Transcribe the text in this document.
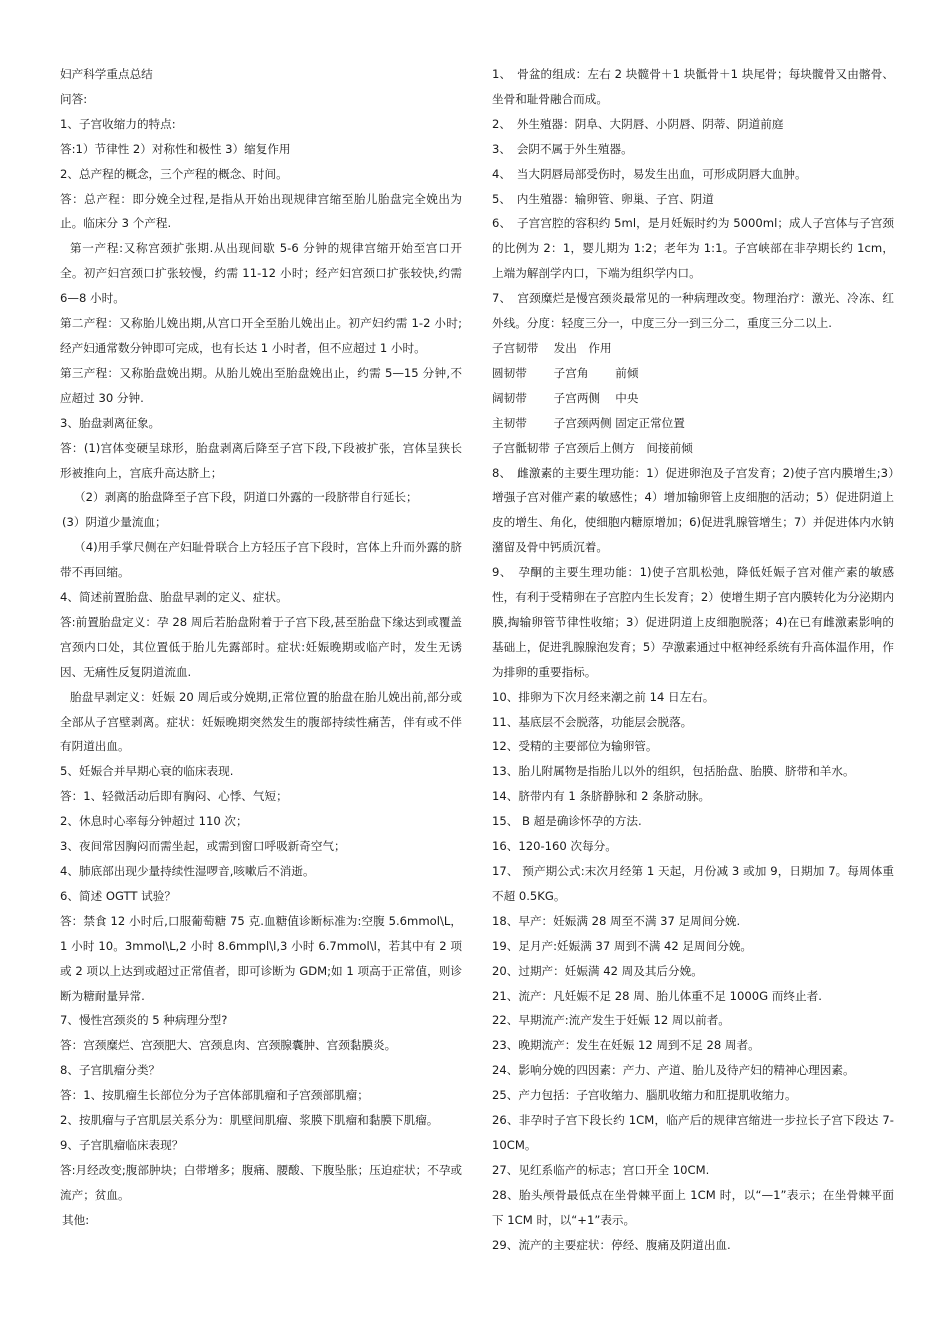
妇产科学重点总结

问答:

1、子宫收缩力的特点:

答:1）节律性 2）对称性和极性 3）缩复作用

2、总产程的概念，三个产程的概念、时间。

答：总产程：即分娩全过程,是指从开始出现规律宫缩至胎儿胎盘完全娩出为止。临床分 3 个产程.

第一产程:又称宫颈扩张期.从出现间歇 5-6 分钟的规律宫缩开始至宫口开全。初产妇宫颈口扩张较慢，约需 11-12 小时；经产妇宫颈口扩张较快,约需 6—8 小时。

第二产程：又称胎儿娩出期,从宫口开全至胎儿娩出止。初产妇约需 1-2 小时;经产妇通常数分钟即可完成，也有长达 1 小时者，但不应超过 1 小时。

第三产程：又称胎盘娩出期。从胎儿娩出至胎盘娩出止，约需 5—15 分钟,不应超过 30 分钟.

3、胎盘剥离征象。

答：(1)宫体变硬呈球形，胎盘剥离后降至子宫下段,下段被扩张，宫体呈狭长形被推向上，宫底升高达脐上；

（2）剥离的胎盘降至子宫下段，阴道口外露的一段脐带自行延长；

(3）阴道少量流血；

（4)用手掌尺侧在产妇耻骨联合上方轻压子宫下段时，宫体上升而外露的脐带不再回缩。

4、简述前置胎盘、胎盘早剥的定义、症状。

答:前置胎盘定义：孕 28 周后若胎盘附着于子宫下段,甚至胎盘下缘达到或覆盖宫颈内口处，其位置低于胎儿先露部时。症状:妊娠晚期或临产时，发生无诱因、无痛性反复阴道流血.

胎盘早剥定义：妊娠 20 周后或分娩期,正常位置的胎盘在胎儿娩出前,部分或全部从子宫壁剥离。症状：妊娠晚期突然发生的腹部持续性痛苦，伴有或不伴有阴道出血。

5、妊娠合并早期心衰的临床表现.

答：1、轻微活动后即有胸闷、心悸、气短；

2、休息时心率每分钟超过 110 次；

3、夜间常因胸闷而需坐起，或需到窗口呼吸新奇空气；

4、肺底部出现少量持续性湿啰音,咳嗽后不消逝。

6、简述 OGTT 试验？

答：禁食 12 小时后,口服葡萄糖 75 克.血糖值诊断标准为:空腹 5.6mmol\L，1 小时 10。3mmol\L,2 小时 8.6mmpl\l,3 小时 6.7mmol\l，若其中有 2 项或 2 项以上达到或超过正常值者，即可诊断为 GDM;如 1 项高于正常值，则诊断为糖耐量异常.

7、慢性宫颈炎的 5 种病理分型?

答：宫颈糜烂、宫颈肥大、宫颈息肉、宫颈腺囊肿、宫颈黏膜炎。

8、子宫肌瘤分类？

答：1、按肌瘤生长部位分为子宫体部肌瘤和子宫颈部肌瘤；

2、按肌瘤与子宫肌层关系分为：肌壁间肌瘤、浆膜下肌瘤和黏膜下肌瘤。

9、子宫肌瘤临床表现？

答:月经改变;腹部肿块；白带增多；腹痛、腰酸、下腹坠胀；压迫症状；不孕或流产；贫血。

其他:

1、　骨盆的组成：左右 2 块髋骨＋1 块骶骨＋1 块尾骨；每块髋骨又由髂骨、坐骨和耻骨融合而成。

2、　外生殖器：阴阜、大阴唇、小阴唇、阴蒂、阴道前庭

3、　会阴不属于外生殖器。

4、　当大阴唇局部受伤时，易发生出血，可形成阴唇大血肿。

5、　内生殖器：输卵管、卵巢、子宫、阴道

6、　子宫宫腔的容积约 5ml，是月妊娠时约为 5000ml；成人子宫体与子宫颈的比例为 2：1，婴儿期为 1:2；老年为 1:1。子宫峡部在非孕期长约 1cm，上端为解剖学内口，下端为组织学内口。

7、　宫颈糜烂是慢宫颈炎最常见的一种病理改变。物理治疗：激光、冷冻、红外线。分度：轻度三分一，中度三分一到三分二，重度三分二以上.

子宫韧带　 发出　作用

圆韧带　　 子宫角　　 前倾

阔韧带　　 子宫两侧　 中央

主韧带　　 子宫颈两侧 固定正常位置

子宫骶韧带 子宫颈后上侧方　间接前倾

8、　雌激素的主要生理功能：1）促进卵泡及子宫发育；2)使子宫内膜增生;3）增强子宫对催产素的敏感性；4）增加输卵管上皮细胞的活动；5）促进阴道上皮的增生、角化，使细胞内糖原增加；6)促进乳腺管增生；7）并促进体内水钠潴留及骨中钙质沉着。

9、　孕酮的主要生理功能：1)使子宫肌松弛，降低妊娠子宫对催产素的敏感性，有利于受精卵在子宫腔内生长发育；2）使增生期子宫内膜转化为分泌期内膜,掏输卵管节律性收缩；3）促进阴道上皮细胞脱落；4)在已有雌激素影响的基础上，促进乳腺腺泡发育；5）孕激素通过中枢神经系统有升高体温作用，作为排卵的重要指标。

10、排卵为下次月经来潮之前 14 日左右。

11、基底层不会脱落，功能层会脱落。

12、受精的主要部位为输卵管。

13、胎儿附属物是指胎儿以外的组织，包括胎盘、胎膜、脐带和羊水。

14、脐带内有 1 条脐静脉和 2 条脐动脉。

15、 B 超是确诊怀孕的方法.

16、120-160 次每分。

17、 预产期公式:末次月经第 1 天起，月份减 3 或加 9，日期加 7。每周体重不超 0.5KG。

18、早产：妊娠满 28 周至不满 37 足周间分娩.

19、足月产:妊娠满 37 周到不满 42 足周间分娩。

20、过期产：妊娠满 42 周及其后分娩。

21、流产：凡妊娠不足 28 周、胎儿体重不足 1000G 而终止者.

22、早期流产:流产发生于妊娠 12 周以前者。

23、晚期流产：发生在妊娠 12 周到不足 28 周者。

24、影响分娩的四因素：产力、产道、胎儿及待产妇的精神心理因素。

25、产力包括：子宫收缩力、腦肌收缩力和肛提肌收缩力。

26、非孕时子宫下段长约 1CM，临产后的规律宫缩进一步拉长子宫下段达 7-10CM。

27、见红系临产的标志；宫口开全 10CM.

28、胎头颅骨最低点在坐骨棘平面上 1CM 时，以“—1”表示；在坐骨棘平面下 1CM 时，以“+1”表示。

29、流产的主要症状：停经、腹痛及阴道出血.
